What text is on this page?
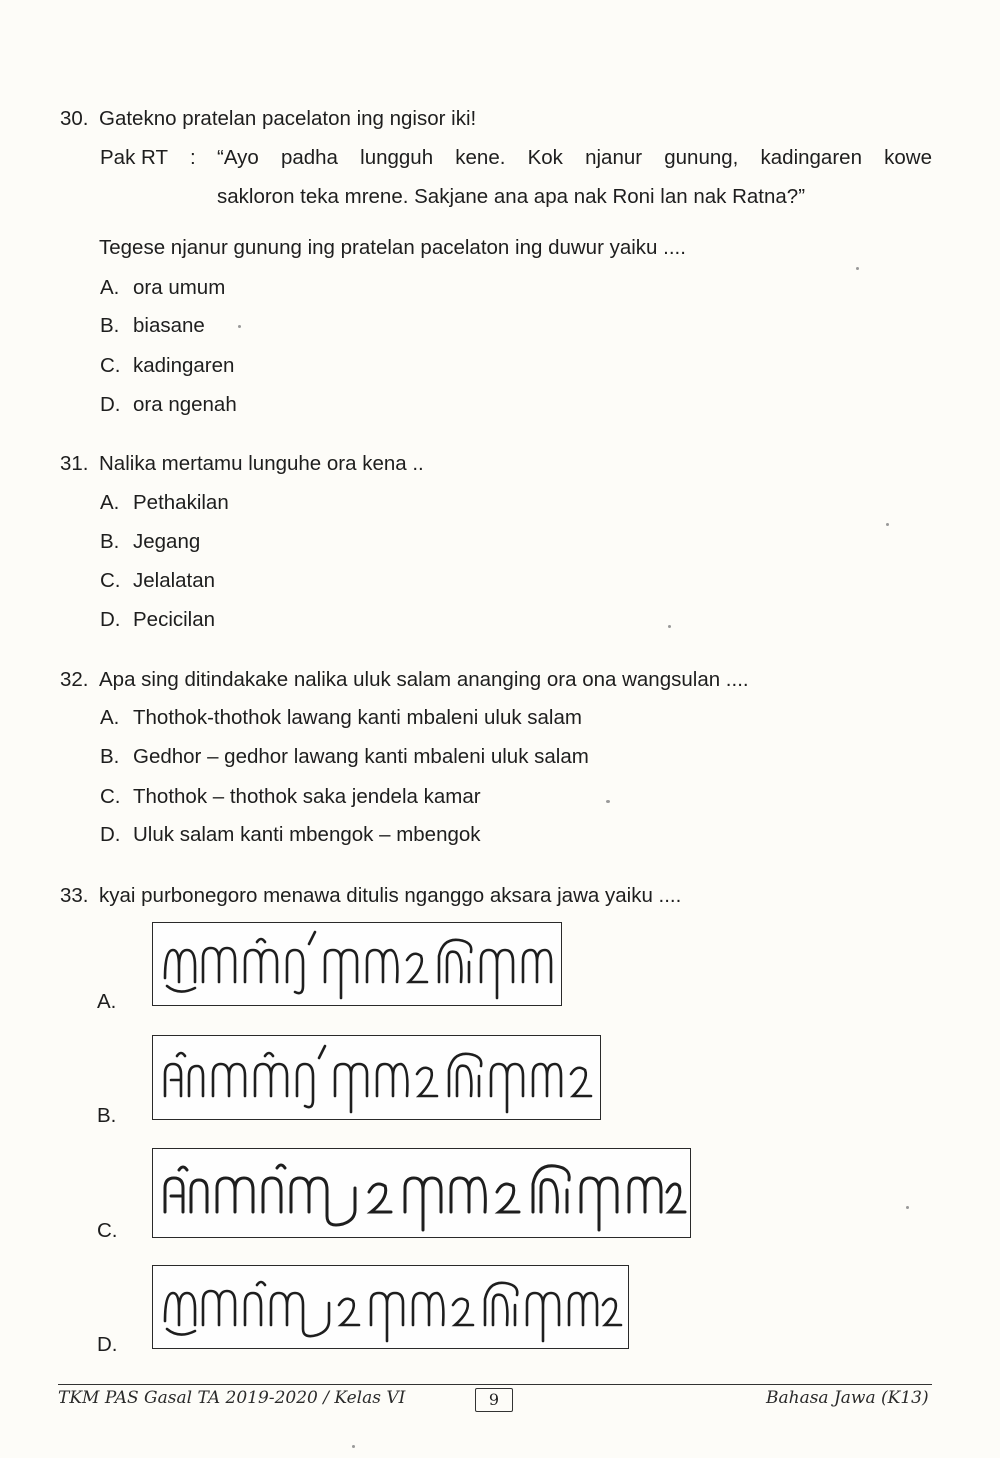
30. Gatekno pratelan pacelaton ing ngisor iki!
Pak RT : “Ayo padha lungguh kene. Kok njanur gunung, kadingaren kowe
sakloron teka mrene. Sakjane ana apa nak Roni lan nak Ratna?”
Tegese njanur gunung ing pratelan pacelaton ing duwur yaiku ....
A. ora umum
B. biasane
C. kadingaren
D. ora ngenah
31. Nalika mertamu lunguhe ora kena ..
A. Pethakilan
B. Jegang
C. Jelalatan
D. Pecicilan
32. Apa sing ditindakake nalika uluk salam ananging ora ona wangsulan ....
A. Thothok-thothok lawang kanti mbaleni uluk salam
B. Gedhor – gedhor lawang kanti mbaleni uluk salam
C. Thothok – thothok saka jendela kamar
D. Uluk salam kanti mbengok – mbengok
33. kyai purbonegoro menawa ditulis nganggo aksara jawa yaiku ....
A.
B.
C.
D.
TKM PAS Gasal TA 2019-2020 / Kelas VI	9	Bahasa Jawa (K13)
